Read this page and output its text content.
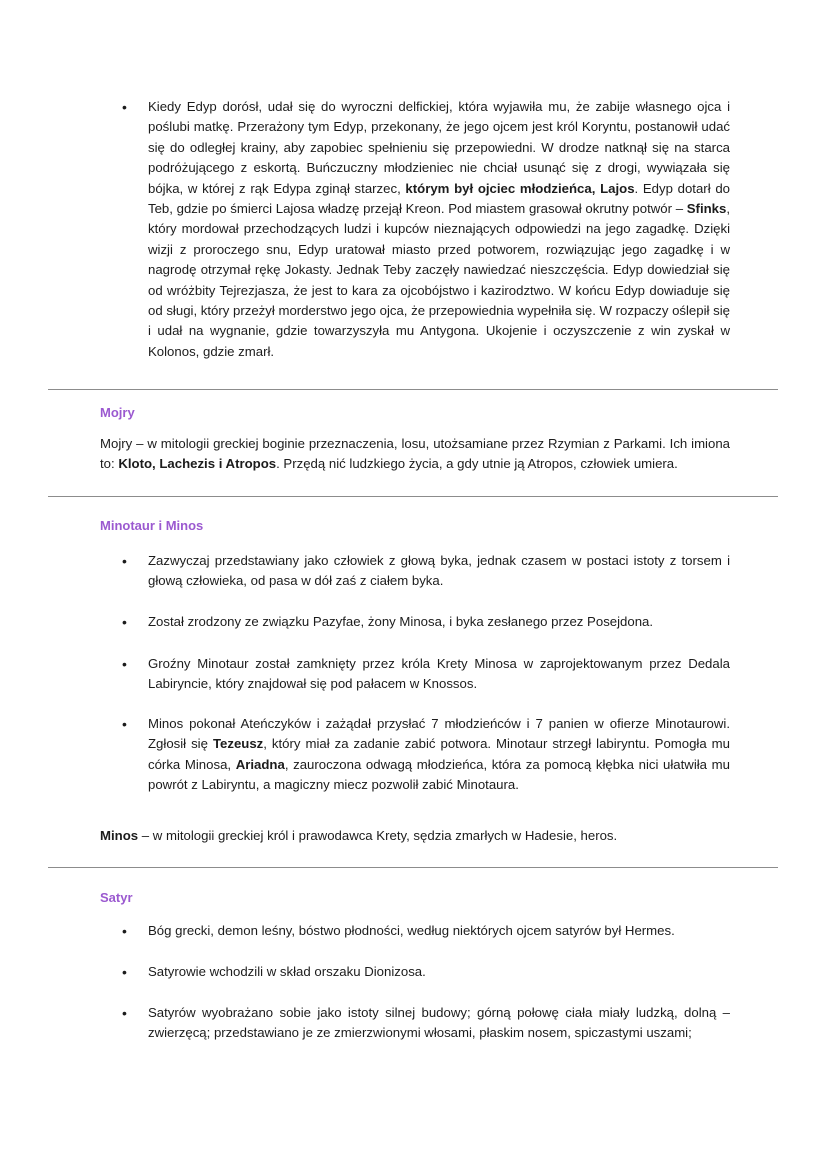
• Kiedy Edyp dorósł, udał się do wyroczni delfickiej, która wyjawiła mu, że zabije własnego ojca i poślubi matkę. Przerażony tym Edyp, przekonany, że jego ojcem jest król Koryntu, postanowił udać się do odległej krainy, aby zapobiec spełnieniu się przepowiedni. W drodze natknął się na starca podróżującego z eskortą. Buńczuczny młodzieniec nie chciał usunąć się z drogi, wywiązała się bójka, w której z rąk Edypa zginął starzec, którym był ojciec młodzieńca, Lajos. Edyp dotarł do Teb, gdzie po śmierci Lajosa władzę przejął Kreon. Pod miastem grasował okrutny potwór – Sfinks, który mordował przechodzących ludzi i kupców nieznających odpowiedzi na jego zagadkę. Dzięki wizji z proroczego snu, Edyp uratował miasto przed potworem, rozwiązując jego zagadkę i w nagrodę otrzymał rękę Jokasty. Jednak Teby zaczęły nawiedzać nieszczęścia. Edyp dowiedział się od wróżbity Tejrezjasza, że jest to kara za ojcobójstwo i kazirodztwo. W końcu Edyp dowiaduje się od sługi, który przeżył morderstwo jego ojca, że przepowiednia wypełniła się. W rozpaczy oślepił się i udał na wygnanie, gdzie towarzyszyła mu Antygona. Ukojenie i oczyszczenie z win zyskał w Kolonos, gdzie zmarł.
Mojry
Mojry – w mitologii greckiej boginie przeznaczenia, losu, utożsamiane przez Rzymian z Parkami. Ich imiona to: Kloto, Lachezis i Atropos. Przędą nić ludzkiego życia, a gdy utnie ją Atropos, człowiek umiera.
Minotaur i Minos
• Zazwyczaj przedstawiany jako człowiek z głową byka, jednak czasem w postaci istoty z torsem i głową człowieka, od pasa w dół zaś z ciałem byka.
• Został zrodzony ze związku Pazyfae, żony Minosa, i byka zesłanego przez Posejdona.
• Groźny Minotaur został zamknięty przez króla Krety Minosa w zaprojektowanym przez Dedala Labiryncie, który znajdował się pod pałacem w Knossos.
• Minos pokonał Ateńczyków i zażądał przysłać 7 młodzieńców i 7 panien w ofierze Minotaurowi. Zgłosił się Tezeusz, który miał za zadanie zabić potwora. Minotaur strzegł labiryntu. Pomogła mu córka Minosa, Ariadna, zauroczona odwagą młodzieńca, która za pomocą kłębka nici ułatwiła mu powrót z Labiryntu, a magiczny miecz pozwolił zabić Minotaura.
Minos – w mitologii greckiej król i prawodawca Krety, sędzia zmarłych w Hadesie, heros.
Satyr
• Bóg grecki, demon leśny, bóstwo płodności, według niektórych ojcem satyrów był Hermes.
• Satyrowie wchodzili w skład orszaku Dionizosa.
• Satyrów wyobrażano sobie jako istoty silnej budowy; górną połowę ciała miały ludzką, dolną – zwierzęcą; przedstawiano je ze zmierzwionymi włosami, płaskim nosem, spiczastymi uszami;
